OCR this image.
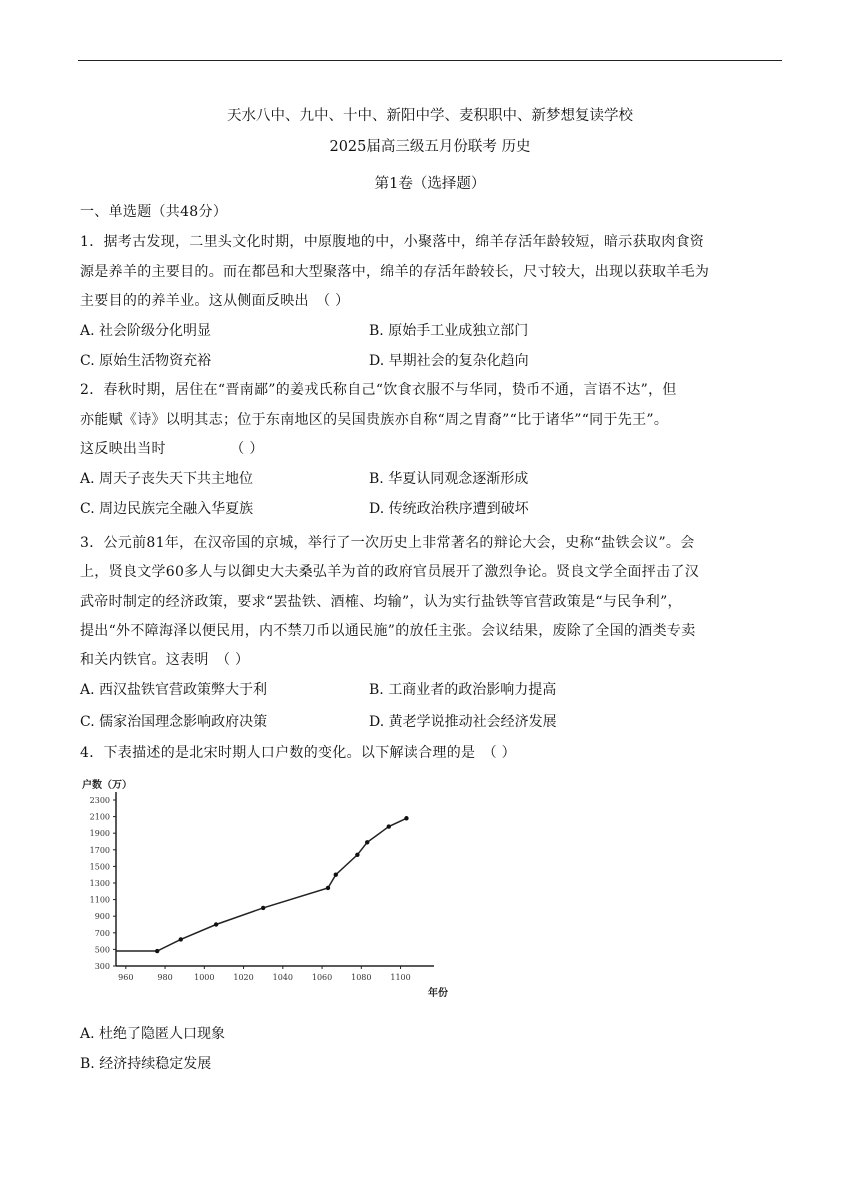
天水八中、九中、十中、新阳中学、麦积职中、新梦想复读学校
2025届高三级五月份联考 历史
第1卷（选择题）
一、单选题（共48分）
1．据考古发现，二里头文化时期，中原腹地的中，小聚落中，绵羊存活年龄较短，暗示获取肉食资
源是养羊的主要目的。而在都邑和大型聚落中，绵羊的存活年龄较长，尺寸较大，出现以获取羊毛为
主要目的的养羊业。这从侧面反映出　（ ）
A. 社会阶级分化明显	B. 原始手工业成独立部门
C. 原始生活物资充裕	D. 早期社会的复杂化趋向
2．春秋时期，居住在“晋南鄙”的姜戎氏称自己“饮食衣服不与华同，贽币不通，言语不达”，但
亦能赋《诗》以明其志；位于东南地区的吴国贵族亦自称“周之胄裔”“比于诸华”“同于先王”。
这反映出当时　　　　　（ ）
A. 周天子丧失天下共主地位	B. 华夏认同观念逐渐形成
C. 周边民族完全融入华夏族	D. 传统政治秩序遭到破坏
3．公元前81年，在汉帝国的京城，举行了一次历史上非常著名的辩论大会，史称“盐铁会议”。会
上，贤良文学60多人与以御史大夫桑弘羊为首的政府官员展开了激烈争论。贤良文学全面抨击了汉
武帝时制定的经济政策，要求“罢盐铁、酒榷、均输”，认为实行盐铁等官营政策是“与民争利”，
提出“外不障海泽以便民用，内不禁刀币以通民施”的放任主张。会议结果，废除了全国的酒类专卖
和关内铁官。这表明　（ ）
A. 西汉盐铁官营政策弊大于利	B. 工商业者的政治影响力提高
C. 儒家治国理念影响政府决策	D. 黄老学说推动社会经济发展
4．下表描述的是北宋时期人口户数的变化。以下解读合理的是　（ ）
300
500
700
900
1100
1300
1500
1700
1900
2100
2300
960	980	1000 1020 1040 1060 1080 1100
户数（万）
年份
A. 杜绝了隐匿人口现象
B. 经济持续稳定发展
